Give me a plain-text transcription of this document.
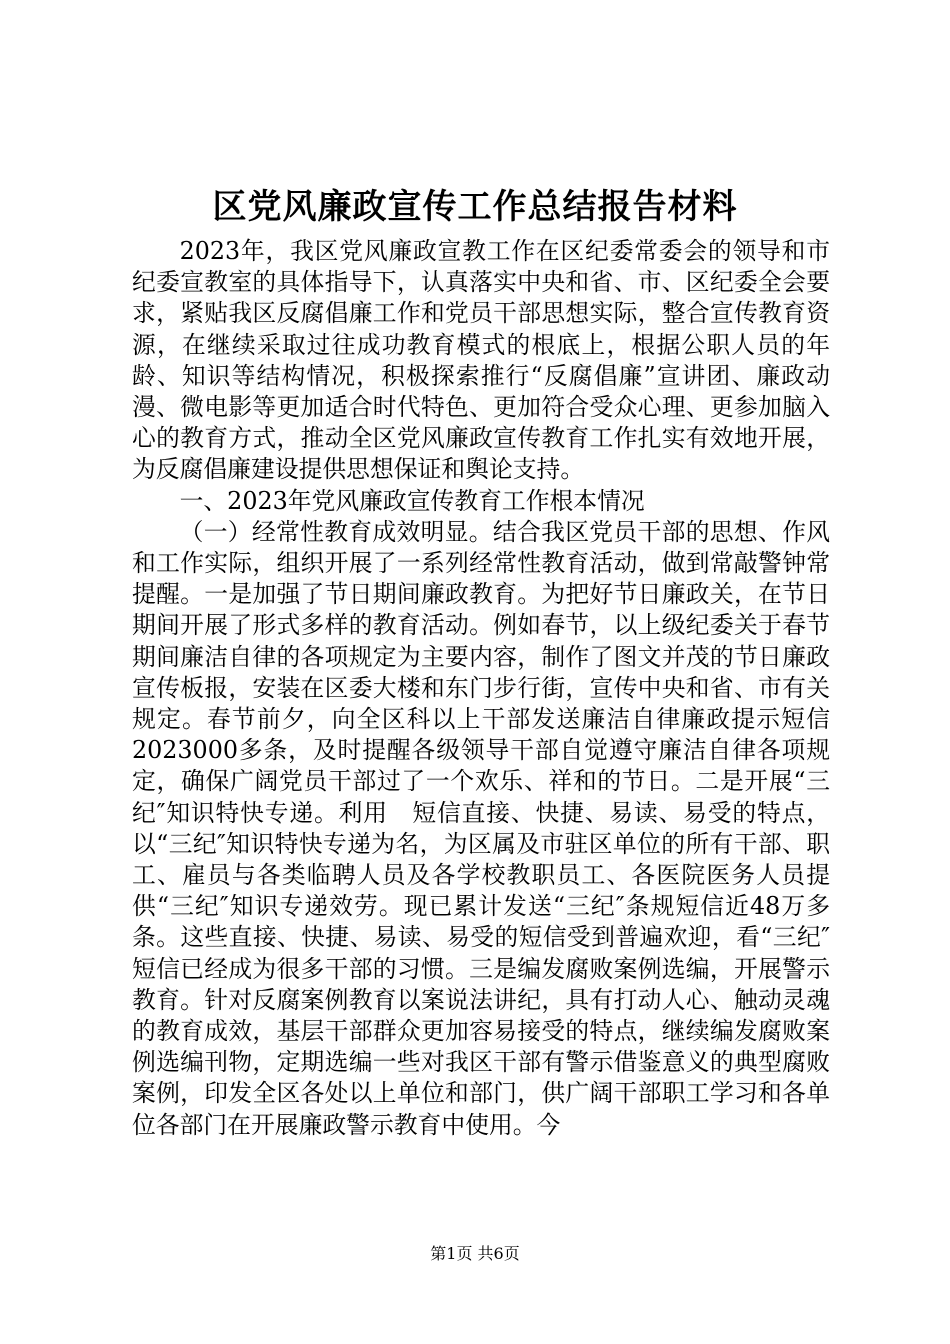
区党风廉政宣传工作总结报告材料

2023年，我区党风廉政宣教工作在区纪委常委会的领导和市纪委宣教室的具体指导下，认真落实中央和省、市、区纪委全会要求，紧贴我区反腐倡廉工作和党员干部思想实际，整合宣传教育资源，在继续采取过往成功教育模式的根底上，根据公职人员的年龄、知识等结构情况，积极探索推行“反腐倡廉”宣讲团、廉政动漫、微电影等更加适合时代特色、更加符合受众心理、更参加脑入心的教育方式，推动全区党风廉政宣传教育工作扎实有效地开展，为反腐倡廉建设提供思想保证和舆论支持。

一、2023年党风廉政宣传教育工作根本情况

（一）经常性教育成效明显。结合我区党员干部的思想、作风和工作实际，组织开展了一系列经常性教育活动，做到常敲警钟常提醒。一是加强了节日期间廉政教育。为把好节日廉政关，在节日期间开展了形式多样的教育活动。例如春节，以上级纪委关于春节期间廉洁自律的各项规定为主要内容，制作了图文并茂的节日廉政宣传板报，安装在区委大楼和东门步行街，宣传中央和省、市有关规定。春节前夕，向全区科以上干部发送廉洁自律廉政提示短信2023000多条，及时提醒各级领导干部自觉遵守廉洁自律各项规定，确保广阔党员干部过了一个欢乐、祥和的节日。二是开展“三纪″知识特快专递。利用　短信直接、快捷、易读、易受的特点，以“三纪″知识特快专递为名，为区属及市驻区单位的所有干部、职工、雇员与各类临聘人员及各学校教职员工、各医院医务人员提供“三纪″知识专递效劳。现已累计发送“三纪″条规短信近48万多条。这些直接、快捷、易读、易受的短信受到普遍欢迎，看“三纪″短信已经成为很多干部的习惯。三是编发腐败案例选编，开展警示教育。针对反腐案例教育以案说法讲纪，具有打动人心、触动灵魂的教育成效，基层干部群众更加容易接受的特点，继续编发腐败案例选编刊物，定期选编一些对我区干部有警示借鉴意义的典型腐败案例，印发全区各处以上单位和部门，供广阔干部职工学习和各单位各部门在开展廉政警示教育中使用。今

第1页 共6页
